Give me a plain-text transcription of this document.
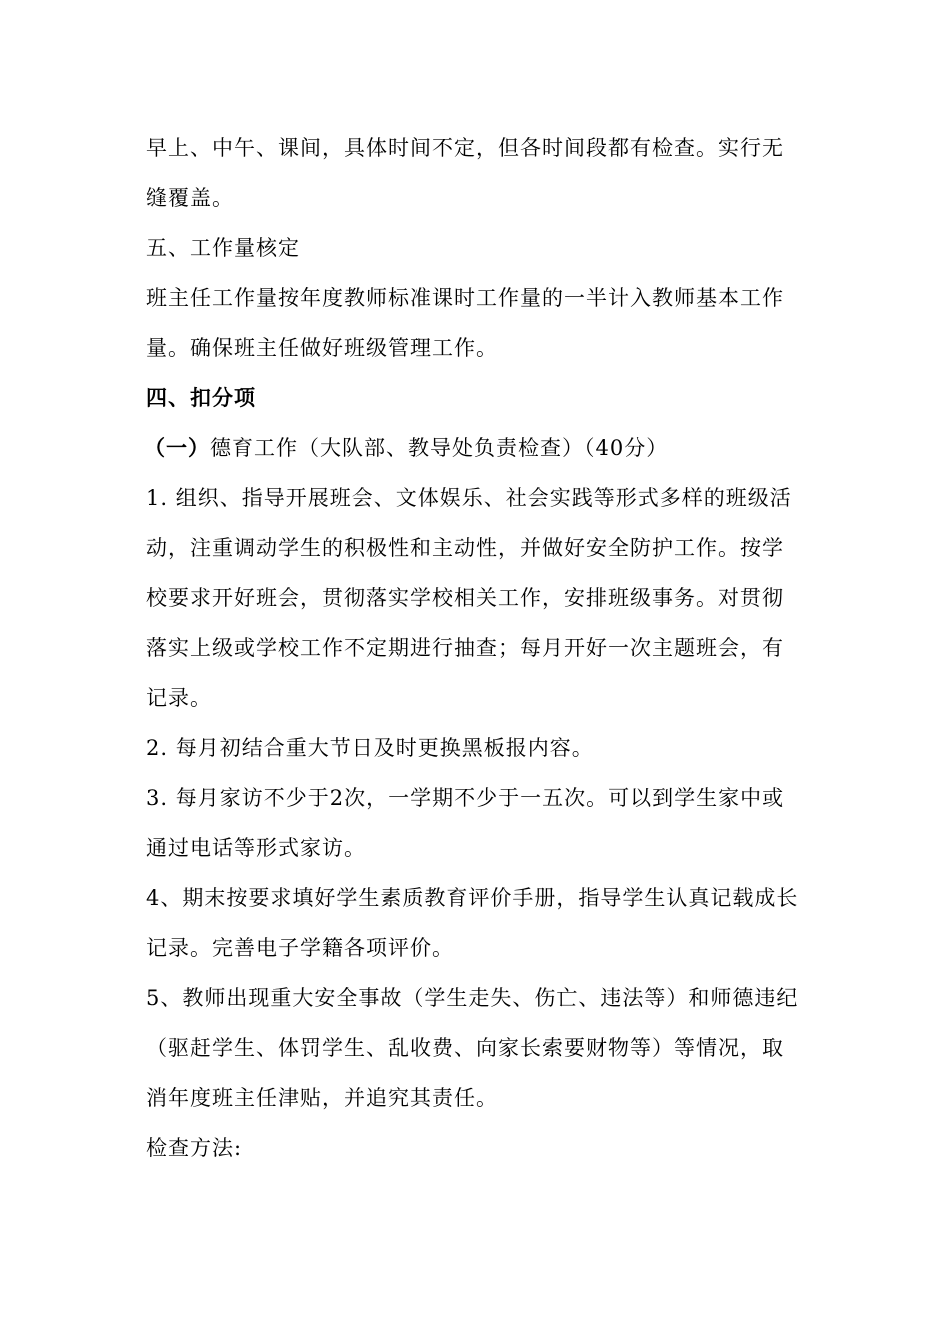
早上、中午、课间，具体时间不定，但各时间段都有检查。实行无
缝覆盖。
五、工作量核定
班主任工作量按年度教师标准课时工作量的一半计入教师基本工作
量。确保班主任做好班级管理工作。
四、扣分项
（一）德育工作（大队部、教导处负责检查）（40分）
1. 组织、指导开展班会、文体娱乐、社会实践等形式多样的班级活
动，注重调动学生的积极性和主动性，并做好安全防护工作。按学
校要求开好班会，贯彻落实学校相关工作，安排班级事务。对贯彻
落实上级或学校工作不定期进行抽查；每月开好一次主题班会，有
记录。
2. 每月初结合重大节日及时更换黑板报内容。
3. 每月家访不少于2次，一学期不少于一五次。可以到学生家中或
通过电话等形式家访。
4、期末按要求填好学生素质教育评价手册，指导学生认真记载成长
记录。完善电子学籍各项评价。
5、教师出现重大安全事故（学生走失、伤亡、违法等）和师德违纪
（驱赶学生、体罚学生、乱收费、向家长索要财物等）等情况，取
消年度班主任津贴，并追究其责任。
检查方法:
